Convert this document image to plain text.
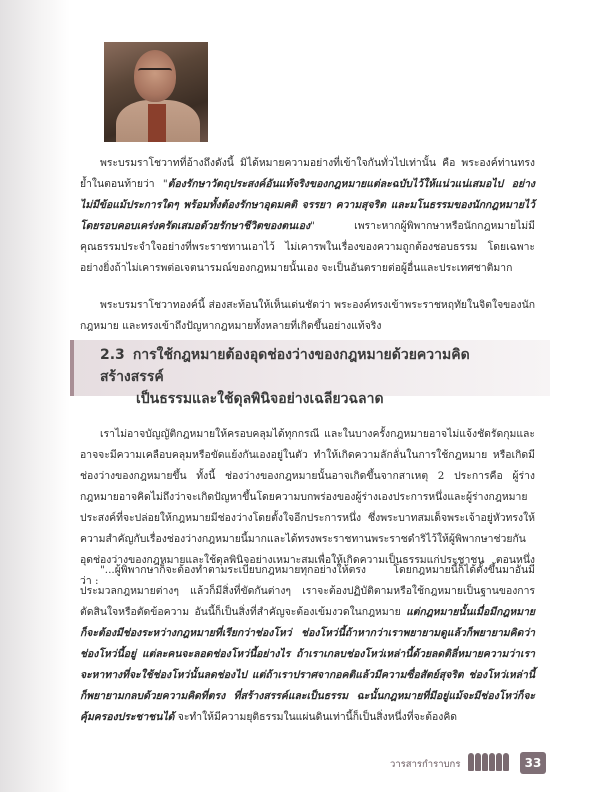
พระบรมราโชวาทที่อ้างถึงดังนี้ มิได้หมายความอย่างที่เข้าใจกันทั่วไปเท่านั้น คือ พระองค์ท่านทรงย้ำในตอนท้ายว่า "ต้องรักษาวัตถุประสงค์อันแท้จริงของกฎหมายแต่ละฉบับไว้ให้แน่วแน่เสมอไป อย่างไม่มีข้อแม้ประการใดๆ พร้อมทั้งต้องรักษาอุดมคติ จรรยา ความสุจริต และมโนธรรมของนักกฎหมายไว้โดยรอบคอบเคร่งครัดเสมอด้วยรักษาชีวิตของตนเอง" เพราะหากผู้พิพากษาหรือนักกฎหมายไม่มีคุณธรรมประจำใจอย่างที่พระราชทานเอาไว้ ไม่เคารพในเรื่องของความถูกต้องชอบธรรม โดยเฉพาะอย่างยิ่งถ้าไม่เคารพต่อเจตนารมณ์ของกฎหมายนั้นเอง จะเป็นอันตรายต่อผู้อื่นและประเทศชาติมาก

พระบรมราโชวาทองค์นี้ ส่องสะท้อนให้เห็นเด่นชัดว่า พระองค์ทรงเข้าพระราชหฤทัยในจิตใจของนักกฎหมาย และทรงเข้าถึงปัญหากฎหมายทั้งหลายที่เกิดขึ้นอย่างแท้จริง

2.3 การใช้กฎหมายต้องอุดช่องว่างของกฎหมายด้วยความคิดสร้างสรรค์
เป็นธรรมและใช้ดุลพินิจอย่างเฉลียวฉลาด

เราไม่อาจบัญญัติกฎหมายให้ครอบคลุมได้ทุกกรณี และในบางครั้งกฎหมายอาจไม่แจ้งชัดรัดกุมและอาจจะมีความเคลือบคลุมหรือขัดแย้งกันเองอยู่ในตัว ทำให้เกิดความลักลั่นในการใช้กฎหมาย หรือเกิดมีช่องว่างของกฎหมายขึ้น ทั้งนี้ ช่องว่างของกฎหมายนั้นอาจเกิดขึ้นจากสาเหตุ 2 ประการคือ ผู้ร่างกฎหมายอาจคิดไม่ถึงว่าจะเกิดปัญหาขึ้นโดยความบกพร่องของผู้ร่างเองประการหนึ่งและผู้ร่างกฎหมายประสงค์ที่จะปล่อยให้กฎหมายมีช่องว่างโดยตั้งใจอีกประการหนึ่ง ซึ่งพระบาทสมเด็จพระเจ้าอยู่หัวทรงให้ความสำคัญกับเรื่องช่องว่างกฎหมายนี้มากและได้ทรงพระราชทานพระราชดำริไว้ให้ผู้พิพากษาช่วยกันอุดช่องว่างของกฎหมายและใช้ดุลพินิจอย่างเหมาะสมเพื่อให้เกิดความเป็นธรรมแก่ประชาชน ตอนหนึ่งว่า :

"...ผู้พิพากษาก็จะต้องทำตามระเบียบกฎหมายทุกอย่างให้ตรง โดยกฎหมายนี้ก็ได้ตั้งขึ้นมาอันมีประมวลกฎหมายต่างๆ แล้วก็มีสิ่งที่ขัดกันต่างๆ เราจะต้องปฏิบัติตามหรือใช้กฎหมายเป็นฐานของการตัดสินใจหรือตัดข้อความ อันนี้ก็เป็นสิ่งที่สำคัญจะต้องเข้มงวดในกฎหมาย แต่กฎหมายนั้นเมื่อมีกฎหมายก็จะต้องมีช่องระหว่างกฎหมายที่เรียกว่าช่องโหว่ ช่องโหว่นี้ถ้าหากว่าเราพยายามดูแล้วก็พยายามคิดว่าช่องโหว่นี้อยู่ แต่ละคนจะลอดช่องโหว่นี้อย่างไร ถ้าเราเกลบช่องโหว่เหล่านี้ด้วยลดติลี่หมายความว่าเราจะหาทางที่จะใช้ช่องโหว่นั้นลดช่องไป แต่ถ้าเราปราศจากอคติแล้วมีความซื่อสัตย์สุจริต ช่องโหว่เหล่านี้ก็พยายามกลบด้วยความคิดที่ตรง ที่สร้างสรรค์และเป็นธรรม ฉะนั้นกฎหมายที่มีอยู่แม้จะมีช่องโหว่ก็จะคุ้มครองประชาชนได้ จะทำให้มีความยุติธรรมในแผ่นดินเท่านี้ก็เป็นสิ่งหนึ่งที่จะต้องคิด

วารสารกำราบกร	33
